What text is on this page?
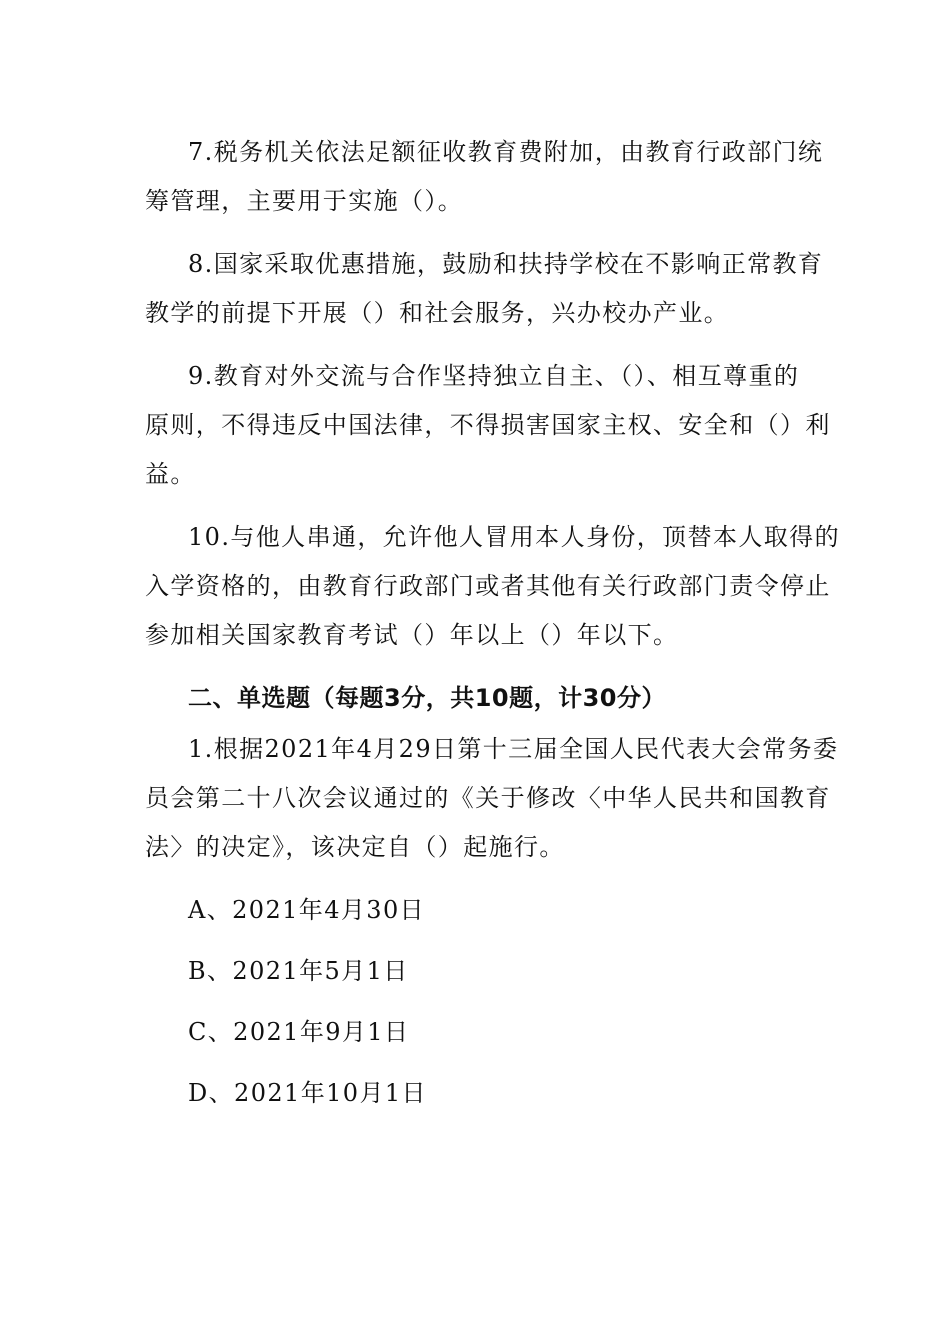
7.税务机关依法足额征收教育费附加，由教育行政部门统
筹管理，主要用于实施（）。
8.国家采取优惠措施，鼓励和扶持学校在不影响正常教育
教学的前提下开展（）和社会服务，兴办校办产业。
9.教育对外交流与合作坚持独立自主、（）、相互尊重的
原则，不得违反中国法律，不得损害国家主权、安全和（）利
益。
10.与他人串通，允许他人冒用本人身份，顶替本人取得的
入学资格的，由教育行政部门或者其他有关行政部门责令停止
参加相关国家教育考试（）年以上（）年以下。
二、单选题（每题3分，共10题，计30分）
1.根据2021年4月29日第十三届全国人民代表大会常务委
员会第二十八次会议通过的《关于修改〈中华人民共和国教育
法〉的决定》，该决定自（）起施行。
A、2021年4月30日
B、2021年5月1日
C、2021年9月1日
D、2021年10月1日
